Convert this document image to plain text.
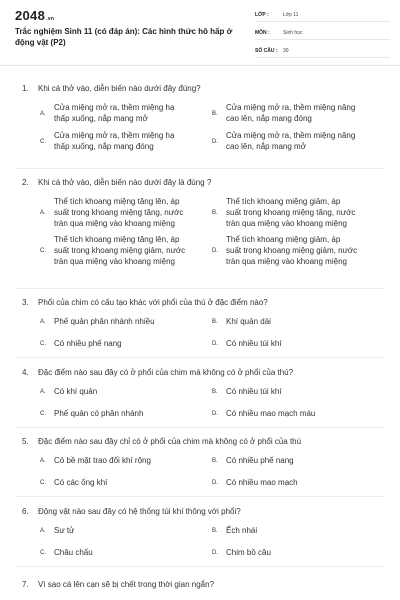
2048.vn
Trắc nghiệm Sinh 11 (có đáp án): Các hình thức hô hấp ở động vật (P2)
LỚP :	Lớp 11
MÔN :	Sinh học
SỐ CÂU :	30
1. Khi cá thở vào, diễn biến nào dưới đây đúng?
A.
Cửa miệng mở ra, thềm miệng hạ
thấp xuống, nắp mang mở
B.
Cửa miệng mở ra, thềm miệng nâng
cao lên, nắp mang đóng
C.
Cửa miệng mở ra, thềm miệng hạ
thấp xuống, nắp mang đóng
D.
Cửa miệng mở ra, thềm miệng nâng
cao lên, nắp mang mở
2. Khi cá thở vào, diễn biến nào dưới đây là đúng ?
A.
Thể tích khoang miệng tăng lên, áp
suất trong khoang miệng tăng, nước
tràn qua miệng vào khoang miệng
B.
Thể tích khoang miệng giảm, áp
suất trong khoang miệng tăng, nước
tràn qua miệng vào khoang miệng
C.
Thể tích khoang miệng tăng lên, áp
suất trong khoang miệng giảm, nước
tràn qua miệng vào khoang miệng
D.
Thể tích khoang miệng giảm, áp
suất trong khoang miệng giảm, nước
tràn qua miệng vào khoang miệng
3. Phổi của chim có cấu tạo khác với phổi của thú ở đặc điểm nào?
A. Phế quản phân nhánh nhiều	B. Khí quản dài
C. Có nhiều phế nang	D. Có nhiều túi khí
4. Đặc điểm nào sau đây có ở phổi của chim mà không có ở phổi của thú?
A. Có khí quản	B. Có nhiều túi khí
C. Phế quản có phân nhánh	D. Có nhiều mao mạch máu
5. Đặc điểm nào sau đây chỉ có ở phổi của chim mà không có ở phổi của thú
A. Có bề mặt trao đổi khí rộng	B. Có nhiều phế nang
C. Có các ống khí	D. Có nhiều mao mạch
6. Động vật nào sau đây có hệ thống túi khí thông với phổi?
A. Sư tử	B. Ếch nhái
C. Châu chấu	D. Chim bồ câu
7. Vì sao cá lên cạn sẽ bị chết trong thời gian ngắn?
